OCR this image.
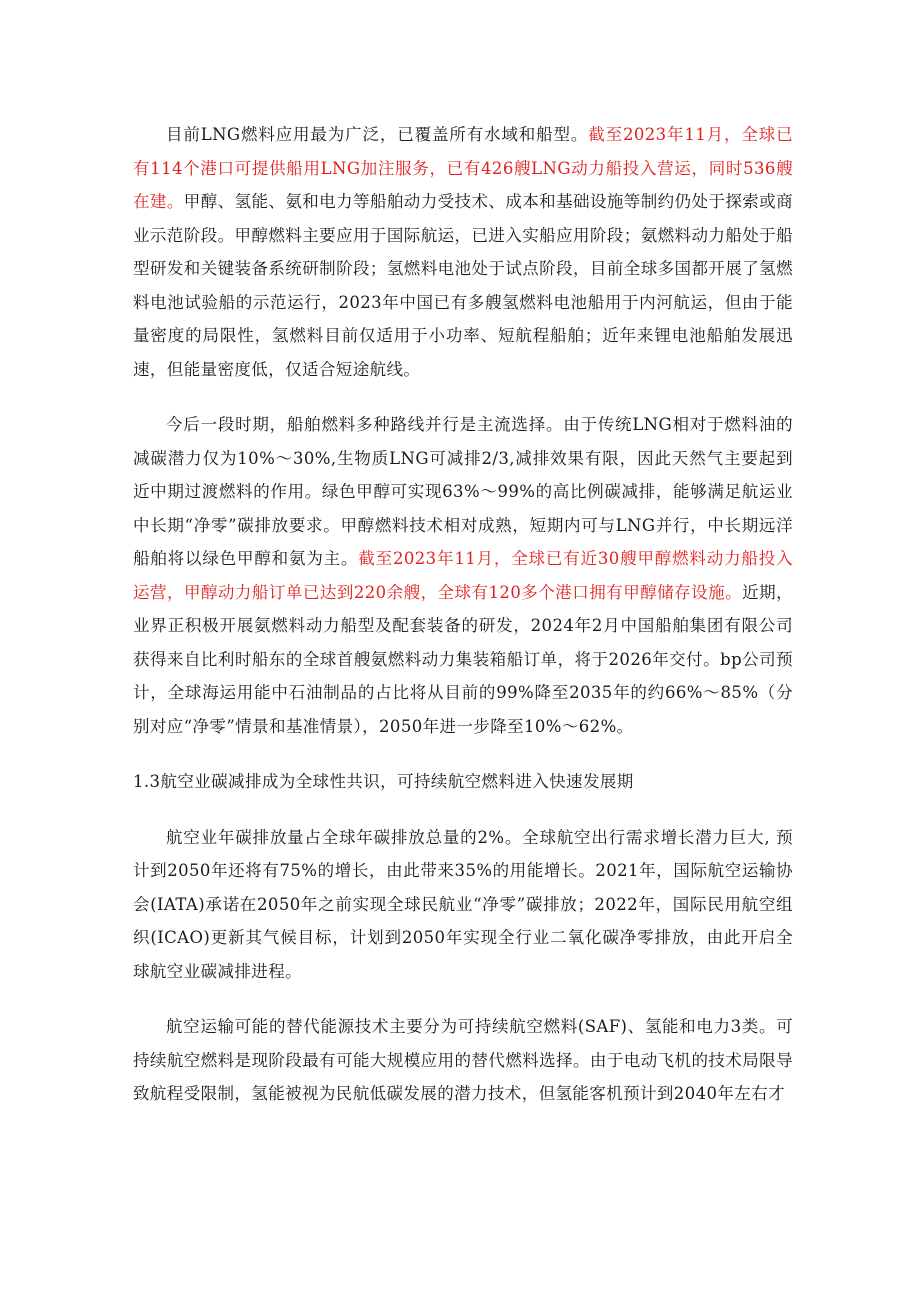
目前LNG燃料应用最为广泛，已覆盖所有水域和船型。截至2023年11月，全球已有114个港口可提供船用LNG加注服务，已有426艘LNG动力船投入营运，同时536艘在建。甲醇、氢能、氨和电力等船舶动力受技术、成本和基础设施等制约仍处于探索或商业示范阶段。甲醇燃料主要应用于国际航运，已进入实船应用阶段；氨燃料动力船处于船型研发和关键装备系统研制阶段；氢燃料电池处于试点阶段，目前全球多国都开展了氢燃料电池试验船的示范运行，2023年中国已有多艘氢燃料电池船用于内河航运，但由于能量密度的局限性，氢燃料目前仅适用于小功率、短航程船舶；近年来锂电池船舶发展迅速，但能量密度低，仅适合短途航线。

今后一段时期，船舶燃料多种路线并行是主流选择。由于传统LNG相对于燃料油的减碳潜力仅为10%～30%,生物质LNG可减排2/3,减排效果有限，因此天然气主要起到近中期过渡燃料的作用。绿色甲醇可实现63%～99%的高比例碳减排，能够满足航运业中长期“净零”碳排放要求。甲醇燃料技术相对成熟，短期内可与LNG并行，中长期远洋船舶将以绿色甲醇和氨为主。截至2023年11月，全球已有近30艘甲醇燃料动力船投入运营，甲醇动力船订单已达到220余艘，全球有120多个港口拥有甲醇储存设施。近期，业界正积极开展氨燃料动力船型及配套装备的研发，2024年2月中国船舶集团有限公司获得来自比利时船东的全球首艘氨燃料动力集装箱船订单，将于2026年交付。bp公司预计，全球海运用能中石油制品的占比将从目前的99%降至2035年的约66%～85%（分别对应“净零”情景和基准情景），2050年进一步降至10%～62%。

1.3航空业碳减排成为全球性共识，可持续航空燃料进入快速发展期

航空业年碳排放量占全球年碳排放总量的2%。全球航空出行需求增长潜力巨大, 预计到2050年还将有75%的增长，由此带来35%的用能增长。2021年，国际航空运输协会(IATA)承诺在2050年之前实现全球民航业“净零”碳排放；2022年，国际民用航空组织(ICAO)更新其气候目标，计划到2050年实现全行业二氧化碳净零排放，由此开启全球航空业碳减排进程。

航空运输可能的替代能源技术主要分为可持续航空燃料(SAF)、氢能和电力3类。可持续航空燃料是现阶段最有可能大规模应用的替代燃料选择。由于电动飞机的技术局限导致航程受限制，氢能被视为民航低碳发展的潜力技术，但氢能客机预计到2040年左右才
